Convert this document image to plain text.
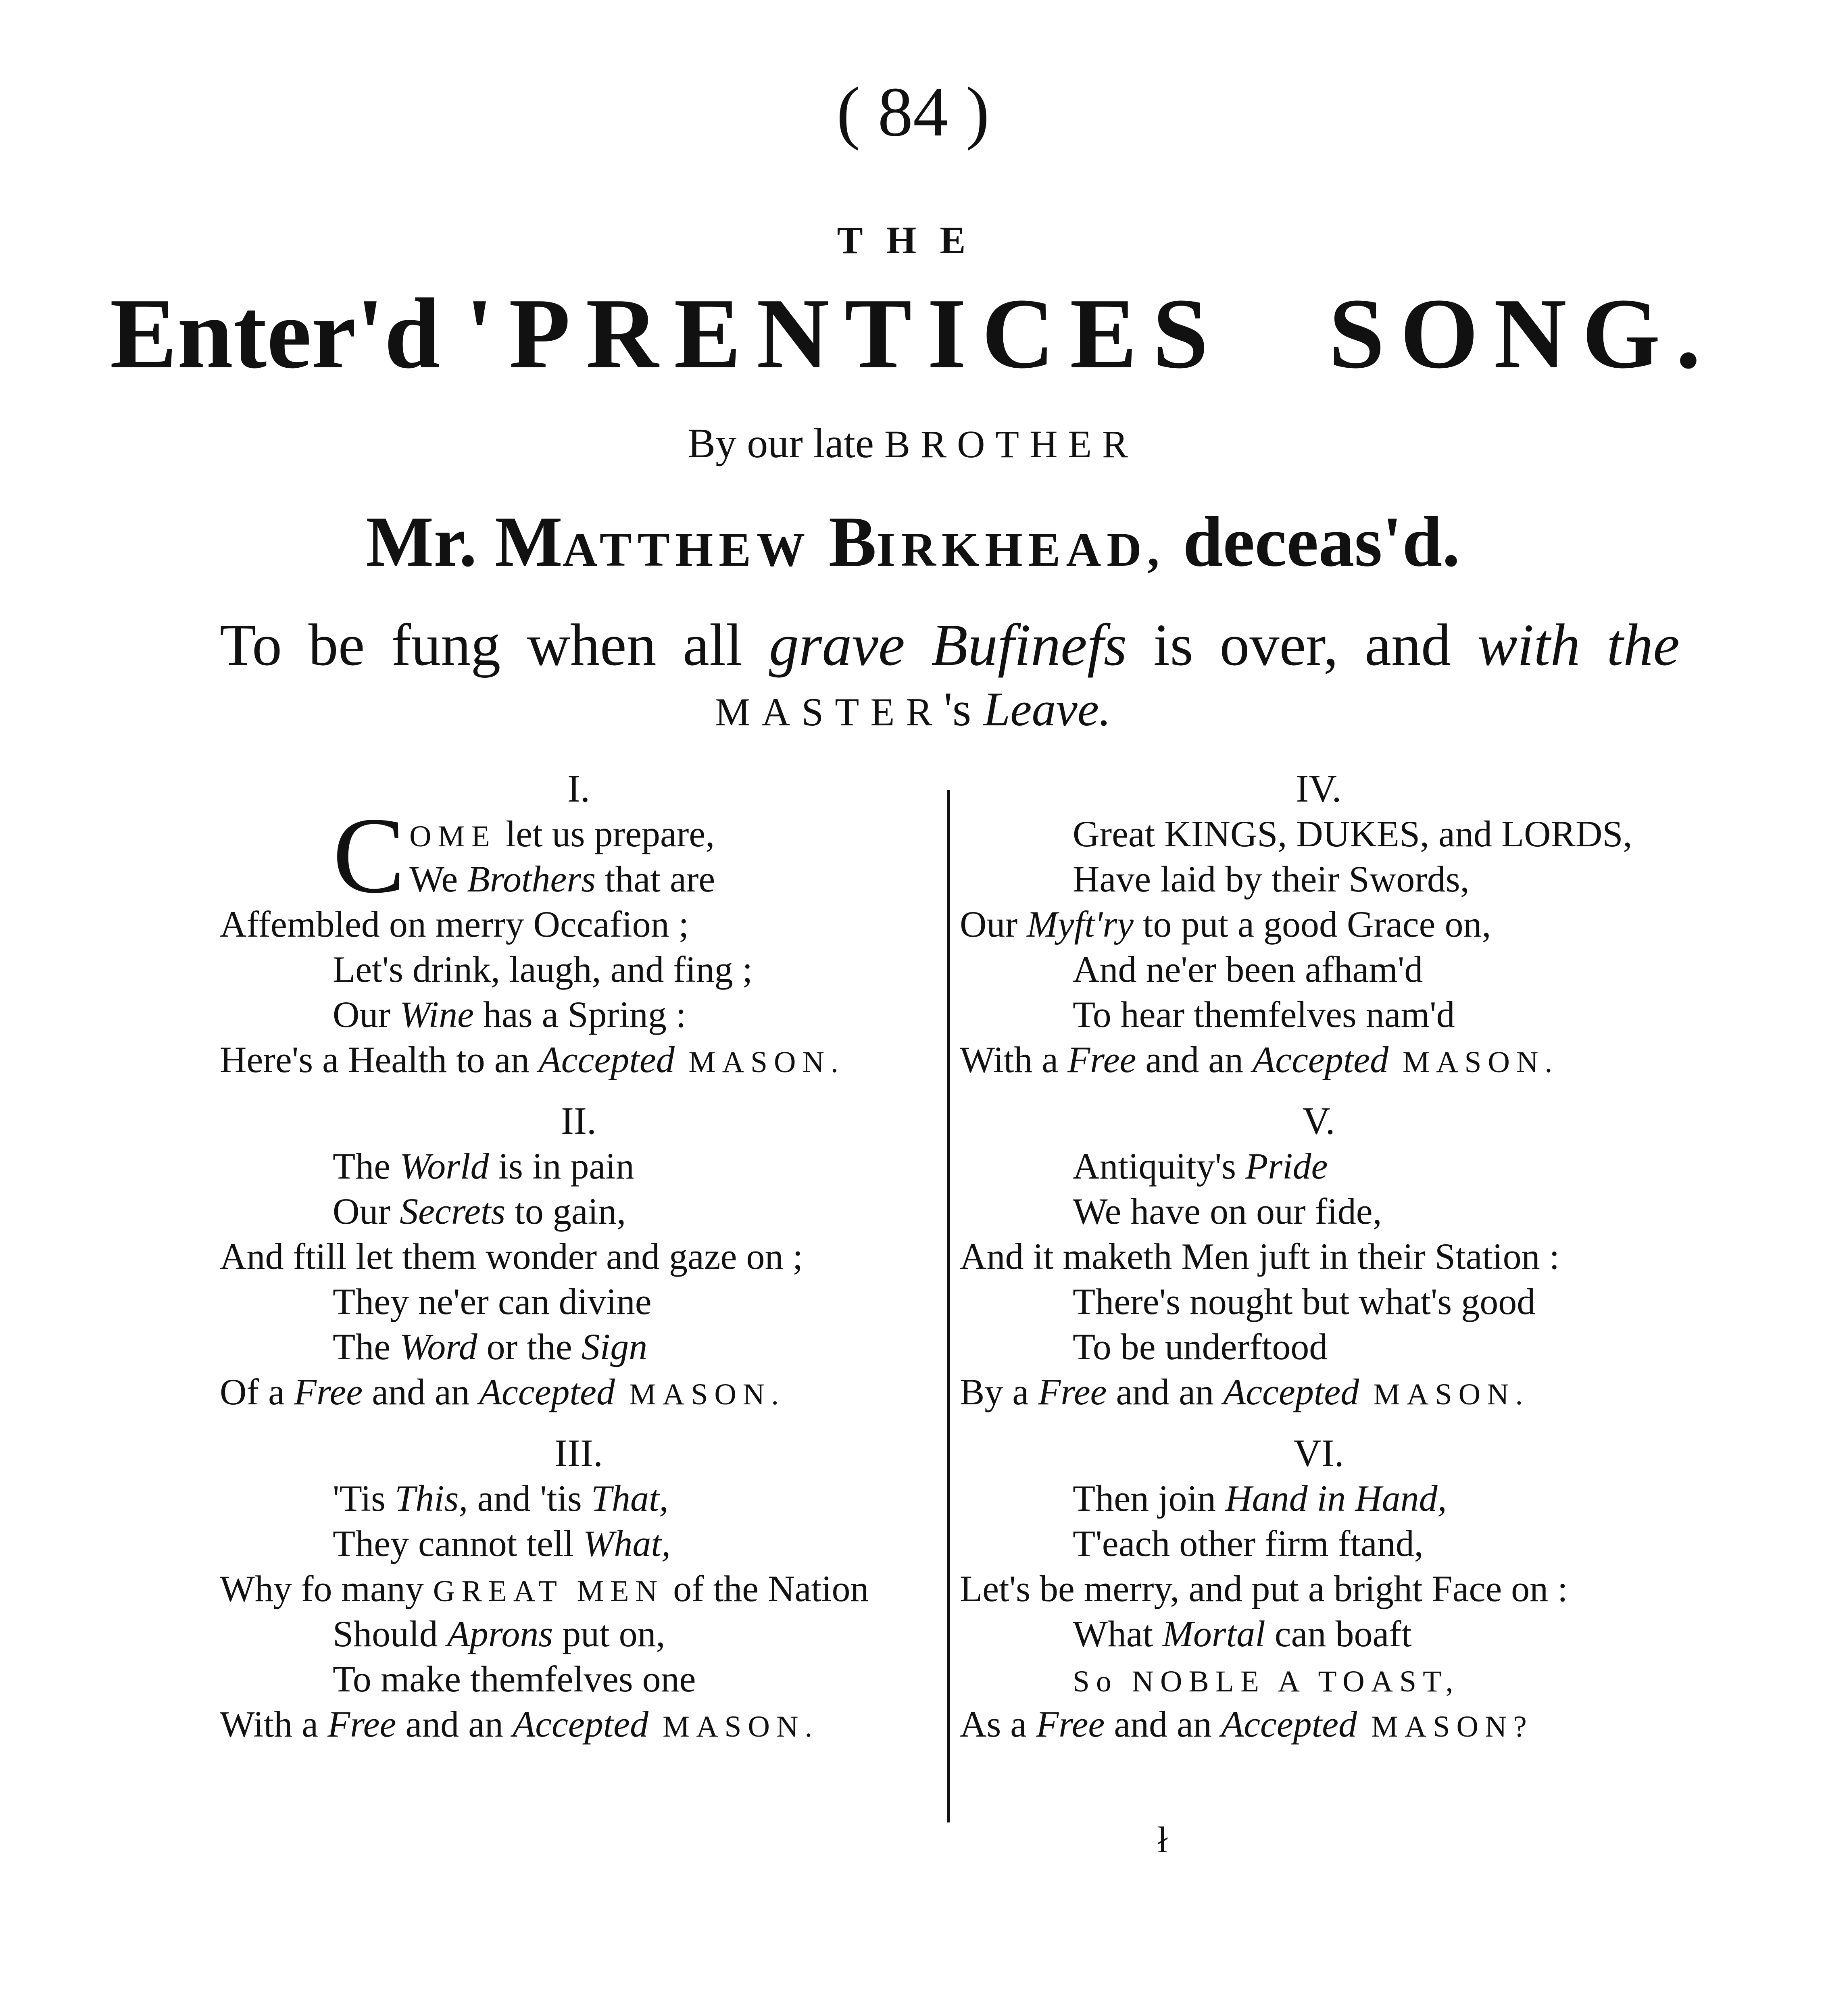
( 84 )
THE
Enter'd 'PRENTICES SONG.
By our late BROTHER
Mr. MATTHEW BIRKHEAD, deceas'd.
To be fung when all grave Bufinefs is over, and with the
MASTER's Leave.
I.
C OME let us prepare,
We Brothers that are
Affembled on merry Occafion ;
Let's drink, laugh, and fing ;
Our Wine has a Spring :
Here's a Health to an Accepted MASON.
II.
The World is in pain
Our Secrets to gain,
And ftill let them wonder and gaze on ;
They ne'er can divine
The Word or the Sign
Of a Free and an Accepted MASON.
III.
'Tis This, and 'tis That,
They cannot tell What,
Why fo many GREAT MEN of the Nation
Should Aprons put on,
To make themfelves one
With a Free and an Accepted MASON.
IV.
Great KINGS, DUKES, and LORDS,
Have laid by their Swords,
Our Myft'ry to put a good Grace on,
And ne'er been afham'd
To hear themfelves nam'd
With a Free and an Accepted MASON.
V.
Antiquity's Pride
We have on our fide,
And it maketh Men juft in their Station :
There's nought but what's good
To be underftood
By a Free and an Accepted MASON.
VI.
Then join Hand in Hand,
T'each other firm ftand,
Let's be merry, and put a bright Face on :
What Mortal can boaft
So NOBLE A TOAST,
As a Free and an Accepted MASON?
ł
